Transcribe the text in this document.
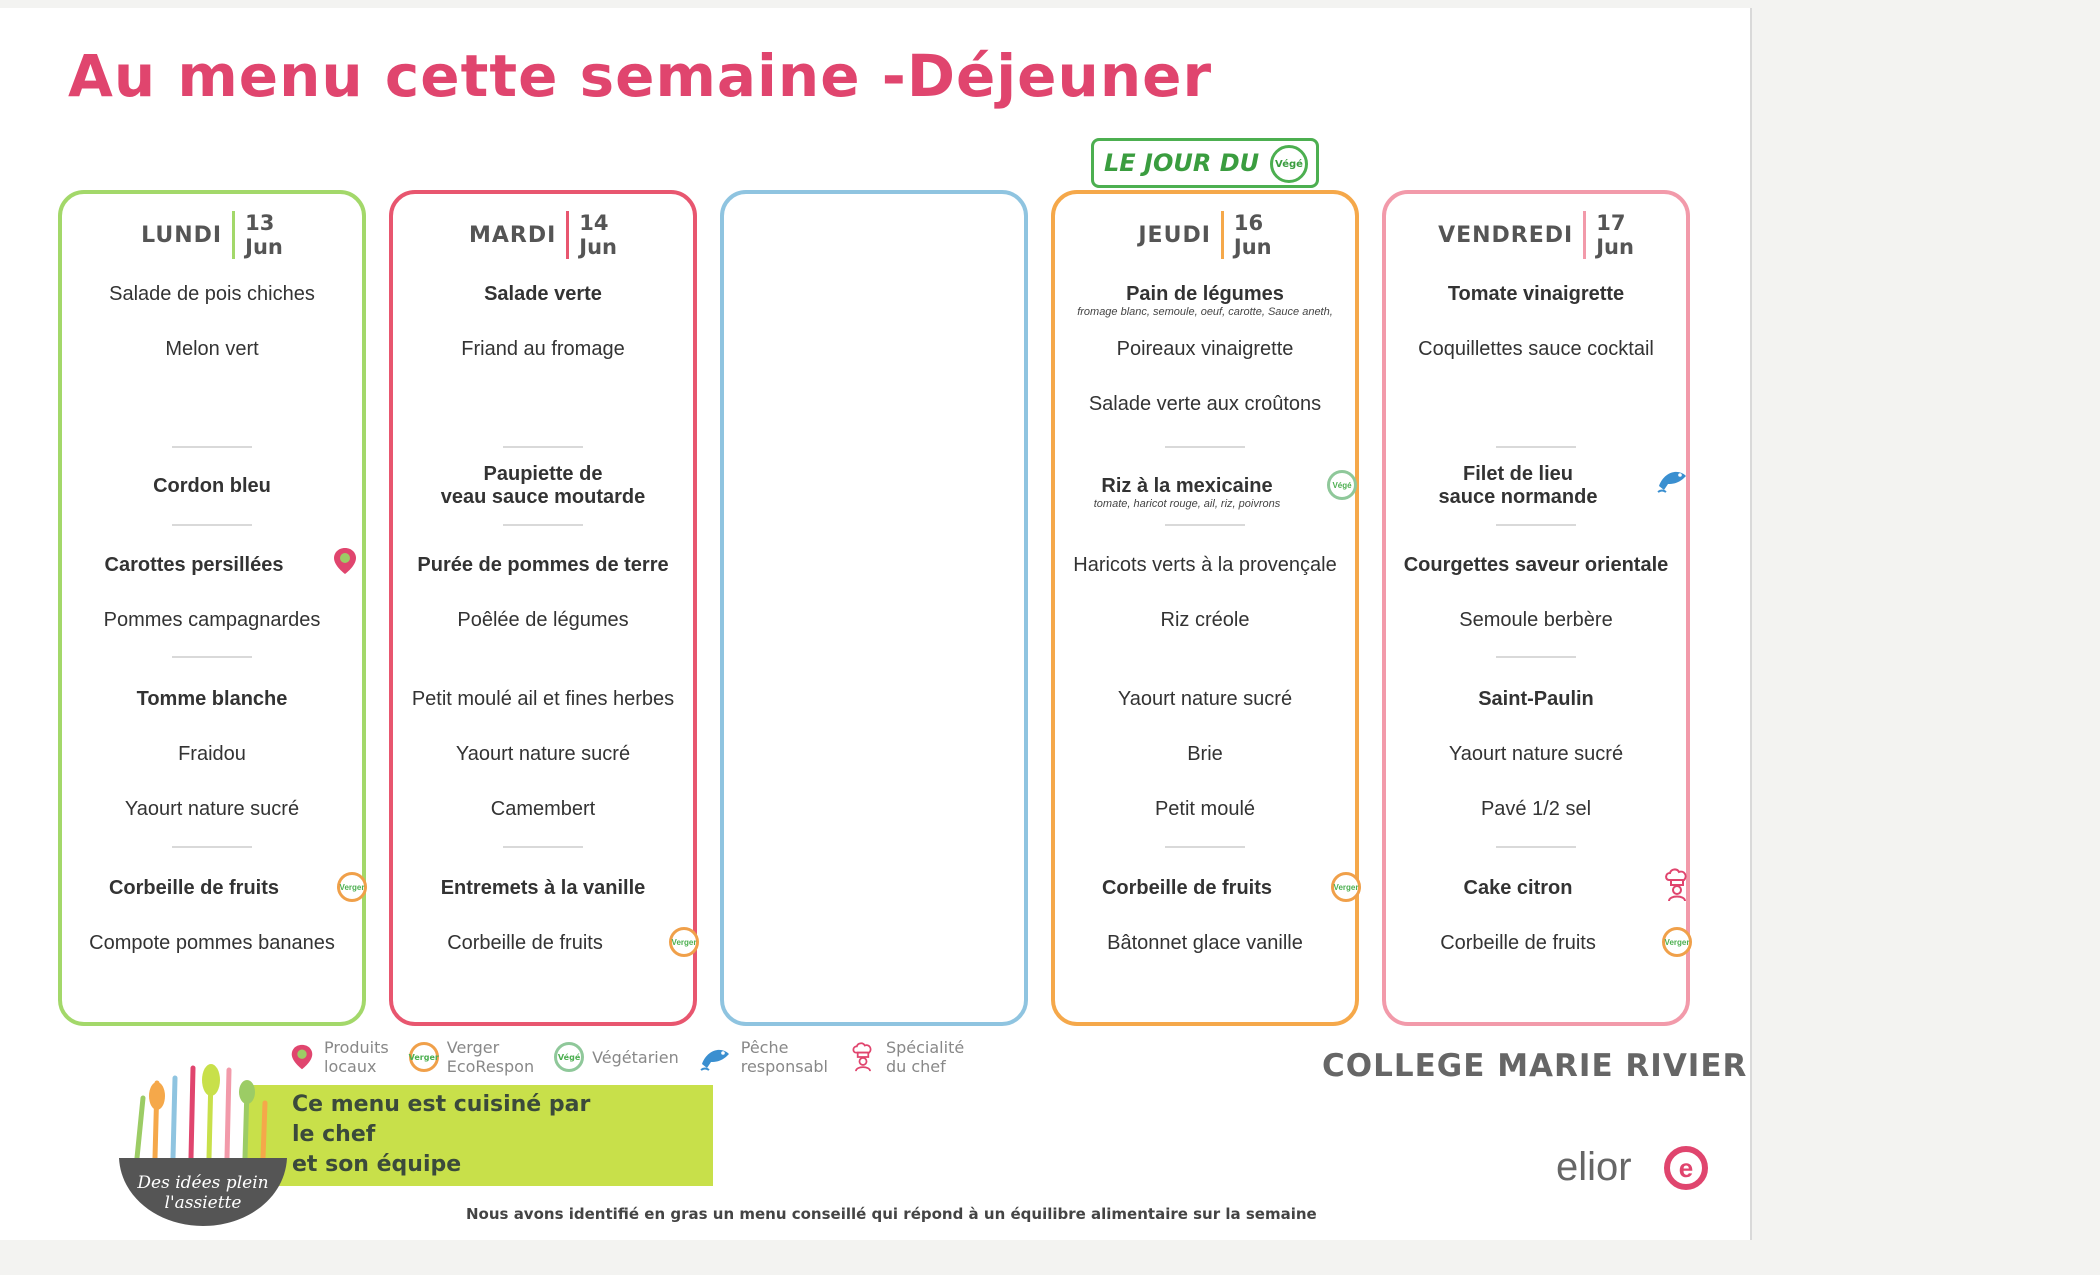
Au menu cette semaine -Déjeuner
LE JOUR DU	Végé
LUNDI 13
Jun
Salade de pois chiches
Melon vert
Cordon bleu
Carottes persillées
Pommes campagnardes
Tomme blanche
Fraidou
Yaourt nature sucré
Corbeille de fruits	Verger
Compote pommes bananes
MARDI 14
Jun
Salade verte
Friand au fromage
Paupiette de
veau sauce moutarde
Purée de pommes de terre
Poêlée de légumes
Petit moulé ail et fines herbes
Yaourt nature sucré
Camembert
Entremets à la vanille
Corbeille de fruits	Verger
JEUDI 16
Jun
Pain de légumes
fromage blanc, semoule, oeuf, carotte, Sauce aneth,
Poireaux vinaigrette
Salade verte aux croûtons
Riz à la mexicaine
tomate, haricot rouge, ail, riz, poivrons
Végé
Haricots verts à la provençale
Riz créole
Yaourt nature sucré
Brie
Petit moulé
Corbeille de fruits	Verger
Bâtonnet glace vanille
VENDREDI 17
Jun
Tomate vinaigrette
Coquillettes sauce cocktail
Filet de lieu
sauce normande
Courgettes saveur orientale
Semoule berbère
Saint-Paulin
Yaourt nature sucré
Pavé 1/2 sel
Cake citron
Corbeille de fruits	Verger
Produits
locaux	Verger Verger
EcoRespon	Végé Végétarien	Pêche
responsabl
Spécialité
du chef	COLLEGE MARIE RIVIER
Ce menu est cuisiné par
le chef
et son équipe
Des idées plein
l'assiette
elior	e
Nous avons identifié en gras un menu conseillé qui répond à un équilibre alimentaire sur la semaine
